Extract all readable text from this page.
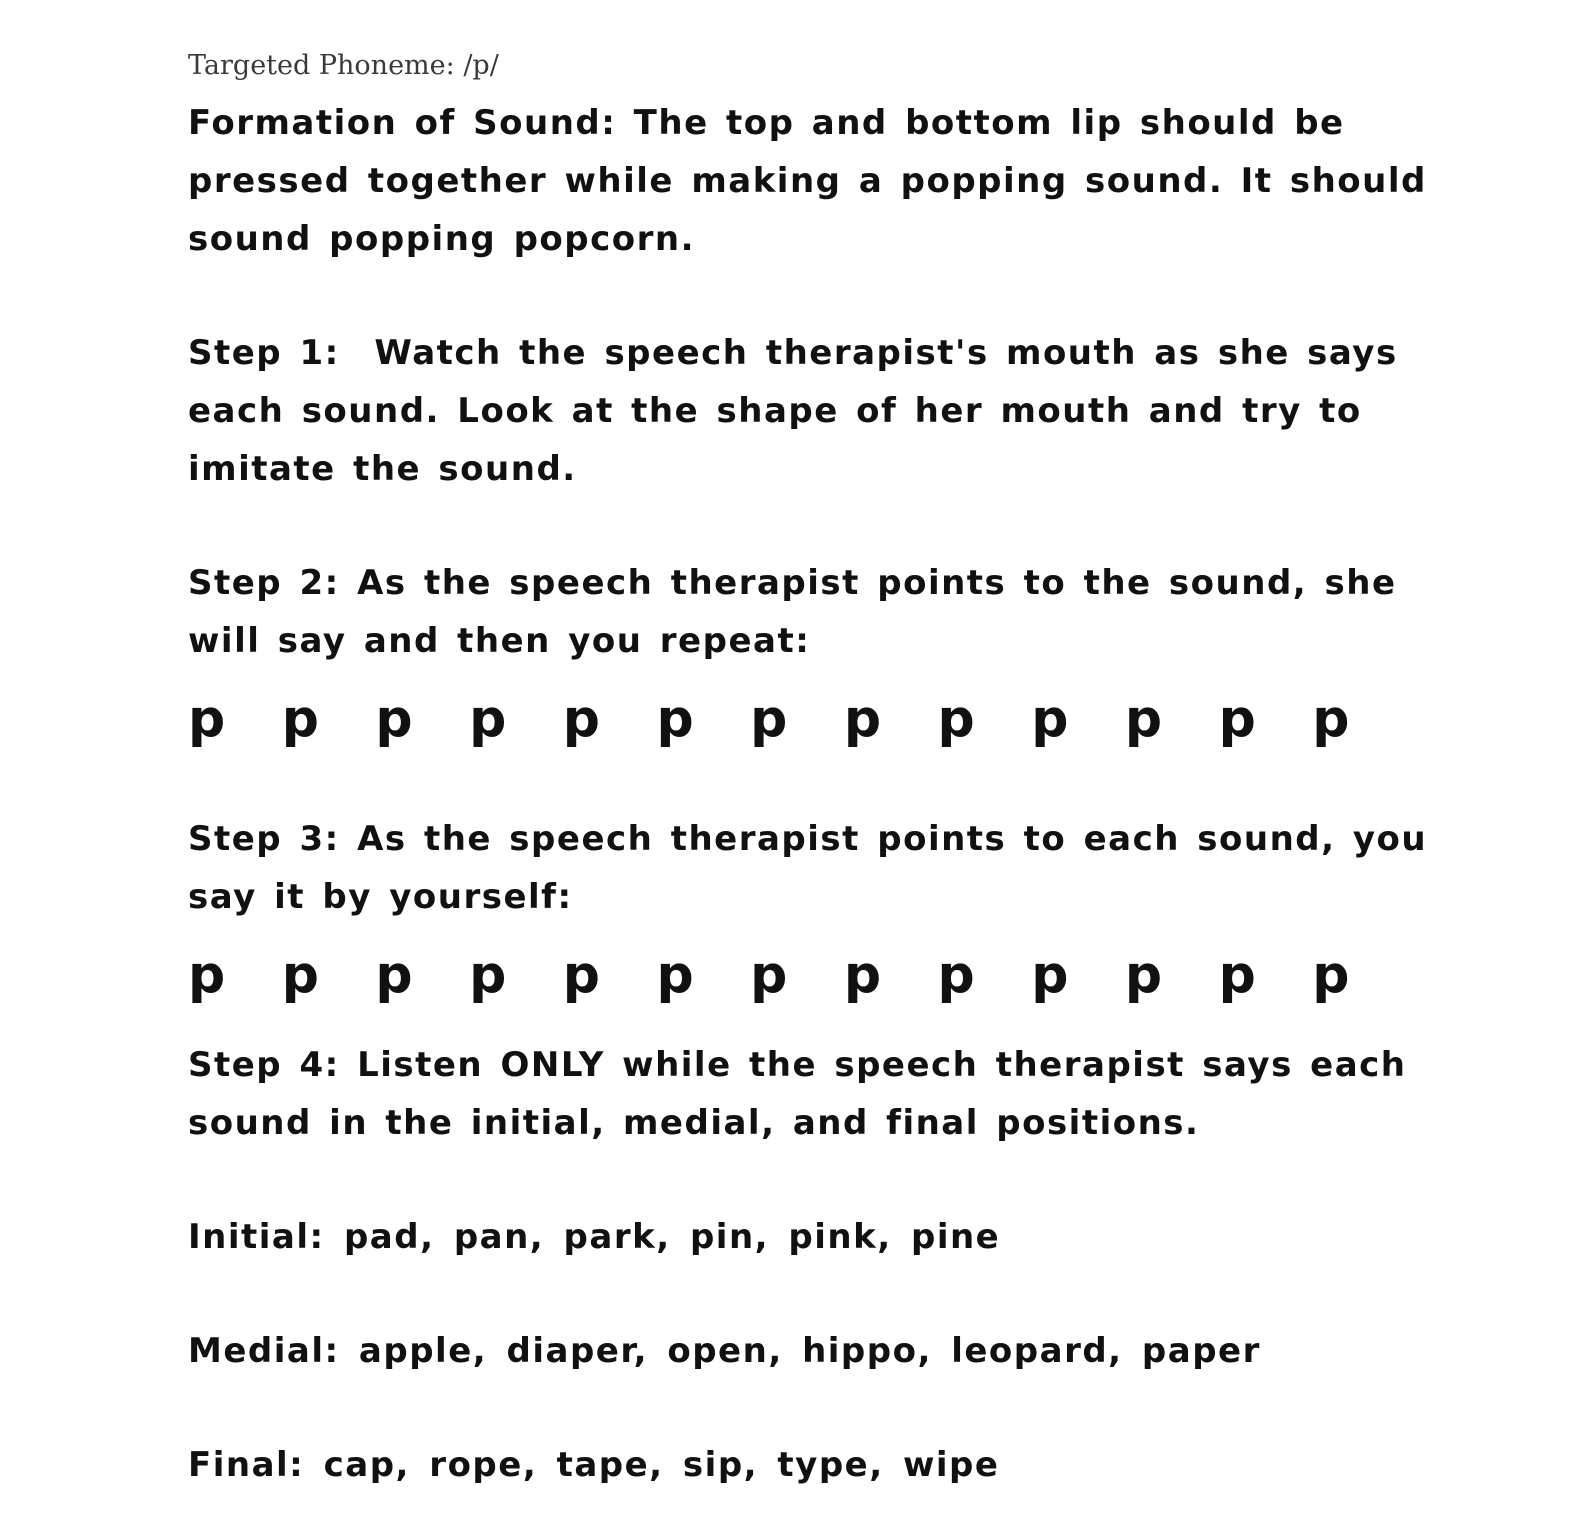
Targeted Phoneme: /p/

Formation of Sound: The top and bottom lip should be pressed together while making a popping sound. It should sound popping popcorn.

Step 1:  Watch the speech therapist's mouth as she says each sound. Look at the shape of her mouth and try to imitate the sound.

Step 2: As the speech therapist points to the sound, she will say and then you repeat:

p	p	p	p	p	p	p	p	p	p	p	p	p

Step 3: As the speech therapist points to each sound, you say it by yourself:

p	p	p	p	p	p	p	p	p	p	p	p	p

Step 4: Listen ONLY while the speech therapist says each sound in the initial, medial, and final positions.

Initial: pad, pan, park, pin, pink, pine

Medial: apple, diaper, open, hippo, leopard, paper

Final: cap, rope, tape, sip, type, wipe
